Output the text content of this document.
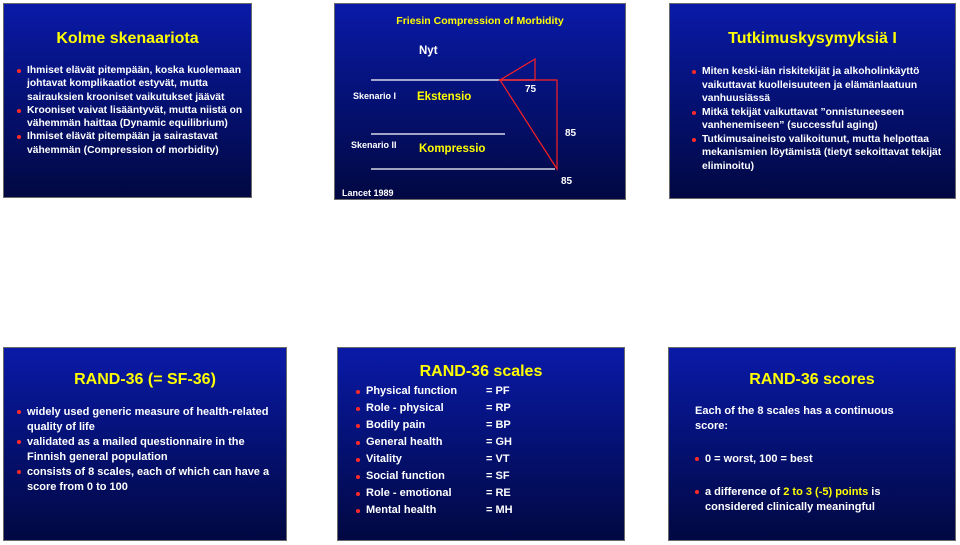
Kolme skenaariota
Ihmiset elävät pitempään, koska kuolemaan johtavat komplikaatiot estyvät, mutta sairauksien krooniset vaikutukset jäävät
Krooniset vaivat lisääntyvät, mutta niistä on vähemmän haittaa (Dynamic equilibrium)
Ihmiset elävät pitempään ja sairastavat vähemmän (Compression of morbidity)
Friesin Compression of Morbidity
Nyt
Skenario I Ekstensio
75
85
Skenario II Kompressio
85
Lancet 1989
Tutkimuskysymyksiä I
Miten keski-iän riskitekijät ja alkoholinkäyttö vaikuttavat kuolleisuuteen ja elämänlaatuun vanhuusiässä
Mitkä tekijät vaikuttavat ”onnistuneeseen vanhenemiseen” (successful aging)
Tutkimusaineisto valikoitunut, mutta helpottaa mekanismien löytämistä (tietyt sekoittavat tekijät eliminoitu)
RAND-36 (= SF-36)
widely used generic measure of health-related quality of life
validated as a mailed questionnaire in the Finnish general population
consists of 8 scales, each of which can have a score from 0 to 100
RAND-36 scales
Physical function	= PF
Role - physical	= RP
Bodily pain	= BP
General health	= GH
Vitality	= VT
Social function	= SF
Role - emotional	= RE
Mental health	= MH
RAND-36 scores
Each of the 8 scales has a continuous score:
0 = worst, 100 = best
a difference of 2 to 3 (-5) points is considered clinically meaningful
